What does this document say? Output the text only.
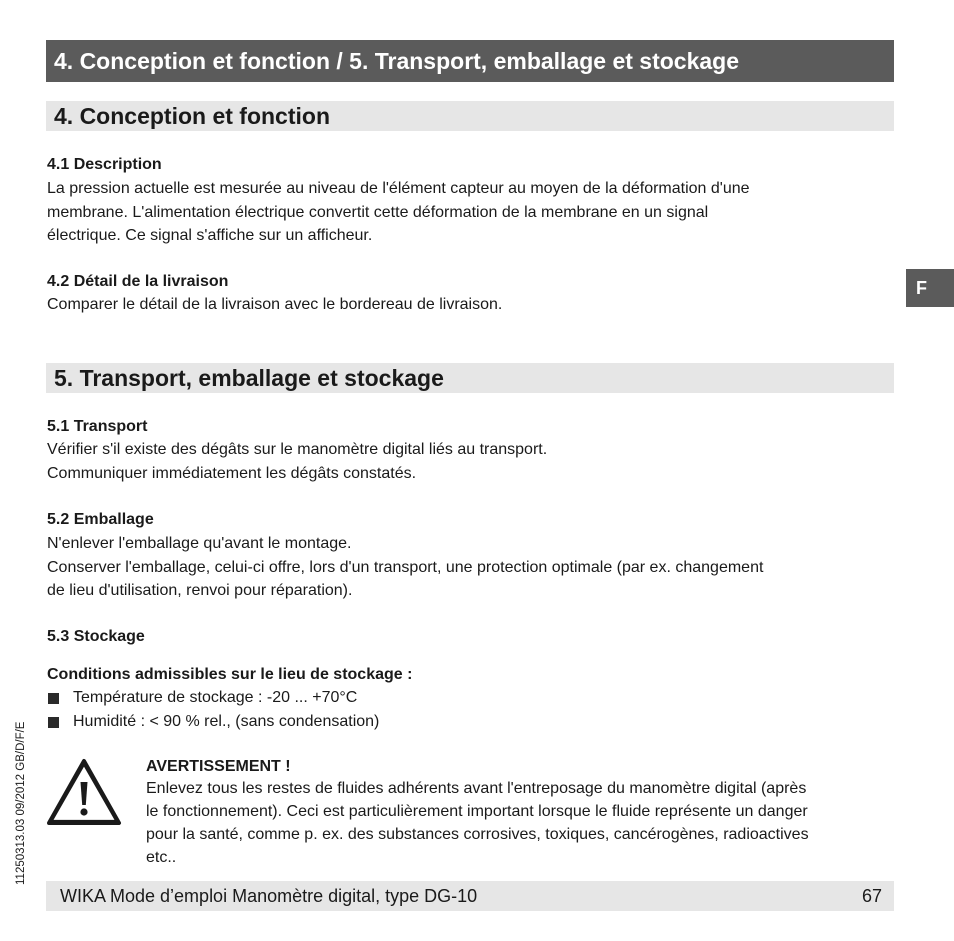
4. Conception et fonction / 5. Transport, emballage et stockage
4. Conception et fonction
4.1 Description

La pression actuelle est mesurée au niveau de l'élément capteur au moyen de la déformation d'une

membrane. L'alimentation électrique convertit cette déformation de la membrane en un signal

électrique. Ce signal s'affiche sur un afficheur.

4.2 Détail de la livraison

Comparer le détail de la livraison avec le bordereau de livraison.

5. Transport, emballage et stockage
5.1 Transport

Vérifier s'il existe des dégâts sur le manomètre digital liés au transport.

Communiquer immédiatement les dégâts constatés.

5.2 Emballage

N'enlever l'emballage qu'avant le montage.

Conserver l'emballage, celui-ci offre, lors d'un transport, une protection optimale (par ex. changement

de lieu d'utilisation, renvoi pour réparation).

5.3 Stockage
Conditions admissibles sur le lieu de stockage :
Température de stockage : -20 ... +70°C
Humidité : < 90 % rel., (sans condensation)
AVERTISSEMENT !
Enlevez tous les restes de fluides adhérents avant l'entreposage du manomètre digital (après
le fonctionnement). Ceci est particulièrement important lorsque le fluide représente un danger
pour la santé, comme p. ex. des substances corrosives, toxiques, cancérogènes, radioactives
etc..
F
11250313.03 09/2012 GB/D/F/E
WIKA Mode d’emploi Manomètre digital, type DG-10	67
